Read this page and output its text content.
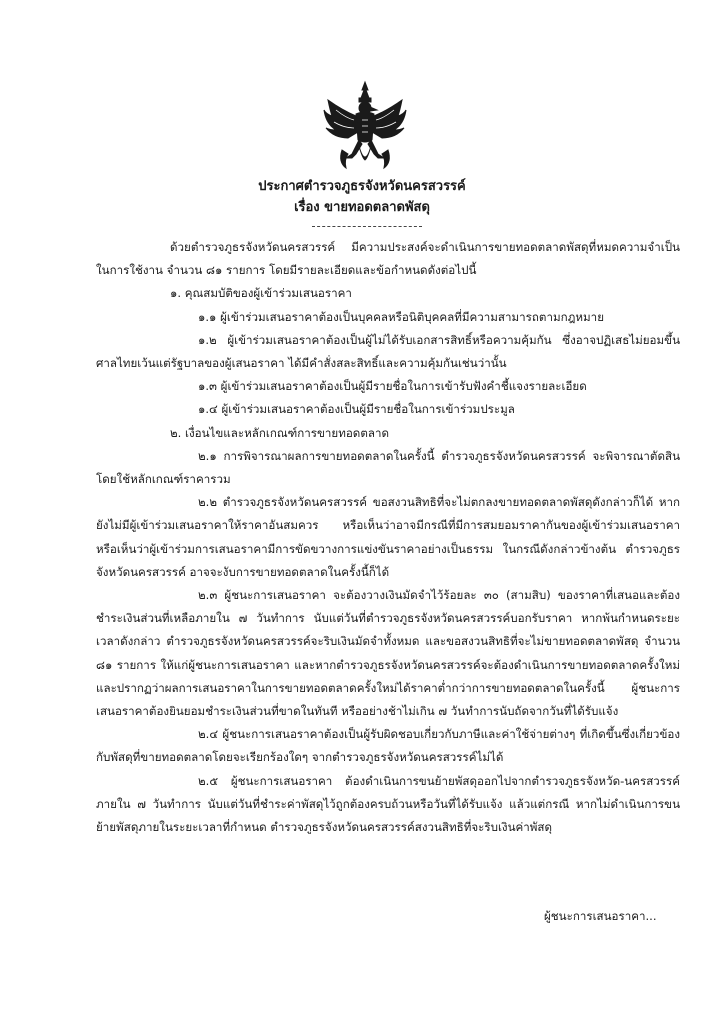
ประกาศตำรวจภูธรจังหวัดนครสวรรค์
เรื่อง ขายทอดตลาดพัสดุ

ด้วยตำรวจภูธรจังหวัดนครสวรรค์ มีความประสงค์จะดำเนินการขายทอดตลาดพัสดุที่หมดความจำเป็นในการใช้งาน จำนวน ๘๑ รายการ โดยมีรายละเอียดและข้อกำหนดดังต่อไปนี้

๑. คุณสมบัติของผู้เข้าร่วมเสนอราคา

๑.๑ ผู้เข้าร่วมเสนอราคาต้องเป็นบุคคลหรือนิติบุคคลที่มีความสามารถตามกฎหมาย

๑.๒ ผู้เข้าร่วมเสนอราคาต้องเป็นผู้ไม่ได้รับเอกสารสิทธิ์หรือความคุ้มกัน ซึ่งอาจปฏิเสธไม่ยอมขึ้นศาลไทยเว้นแต่รัฐบาลของผู้เสนอราคา ได้มีคำสั่งสละสิทธิ์และความคุ้มกันเช่นว่านั้น

๑.๓ ผู้เข้าร่วมเสนอราคาต้องเป็นผู้มีรายชื่อในการเข้ารับฟังคำชี้แจงรายละเอียด

๑.๔ ผู้เข้าร่วมเสนอราคาต้องเป็นผู้มีรายชื่อในการเข้าร่วมประมูล

๒. เงื่อนไขและหลักเกณฑ์การขายทอดตลาด

๒.๑ การพิจารณาผลการขายทอดตลาดในครั้งนี้ ตำรวจภูธรจังหวัดนครสวรรค์ จะพิจารณาตัดสินโดยใช้หลักเกณฑ์ราคารวม

๒.๒ ตำรวจภูธรจังหวัดนครสวรรค์ ขอสงวนสิทธิที่จะไม่ตกลงขายทอดตลาดพัสดุดังกล่าวก็ได้ หากยังไม่มีผู้เข้าร่วมเสนอราคาให้ราคาอันสมควร หรือเห็นว่าอาจมีกรณีที่มีการสมยอมราคากันของผู้เข้าร่วมเสนอราคาหรือเห็นว่าผู้เข้าร่วมการเสนอราคามีการขัดขวางการแข่งขันราคาอย่างเป็นธรรม ในกรณีดังกล่าวข้างต้น ตำรวจภูธรจังหวัดนครสวรรค์ อาจจะงับการขายทอดตลาดในครั้งนี้ก็ได้

๒.๓ ผู้ชนะการเสนอราคา จะต้องวางเงินมัดจำไว้ร้อยละ ๓๐ (สามสิบ) ของราคาที่เสนอและต้องชำระเงินส่วนที่เหลือภายใน ๗ วันทำการ นับแต่วันที่ตำรวจภูธรจังหวัดนครสวรรค์บอกรับราคา หากพ้นกำหนดระยะเวลาดังกล่าว ตำรวจภูธรจังหวัดนครสวรรค์จะริบเงินมัดจำทั้งหมด และขอสงวนสิทธิที่จะไม่ขายทอดตลาดพัสดุ จำนวน ๘๑ รายการ ให้แก่ผู้ชนะการเสนอราคา และหากตำรวจภูธรจังหวัดนครสวรรค์จะต้องดำเนินการขายทอดตลาดครั้งใหม่ และปรากฏว่าผลการเสนอราคาในการขายทอดตลาดครั้งใหม่ได้ราคาต่ำกว่าการขายทอดตลาดในครั้งนี้ ผู้ชนะการเสนอราคาต้องยินยอมชำระเงินส่วนที่ขาดในทันที หรืออย่างช้าไม่เกิน ๗ วันทำการนับถัดจากวันที่ได้รับแจ้ง

๒.๔ ผู้ชนะการเสนอราคาต้องเป็นผู้รับผิดชอบเกี่ยวกับภาษีและค่าใช้จ่ายต่างๆ ที่เกิดขึ้นซึ่งเกี่ยวข้องกับพัสดุที่ขายทอดตลาดโดยจะเรียกร้องใดๆ จากตำรวจภูธรจังหวัดนครสวรรค์ไม่ได้

๒.๕ ผู้ชนะการเสนอราคา ต้องดำเนินการขนย้ายพัสดุออกไปจากตำรวจภูธรจังหวัด-นครสวรรค์ ภายใน ๗ วันทำการ นับแต่วันที่ชำระค่าพัสดุไว้ถูกต้องครบถ้วนหรือวันที่ได้รับแจ้ง แล้วแต่กรณี หากไม่ดำเนินการขนย้ายพัสดุภายในระยะเวลาที่กำหนด ตำรวจภูธรจังหวัดนครสวรรค์สงวนสิทธิที่จะริบเงินค่าพัสดุ

ผู้ชนะการเสนอราคา...
